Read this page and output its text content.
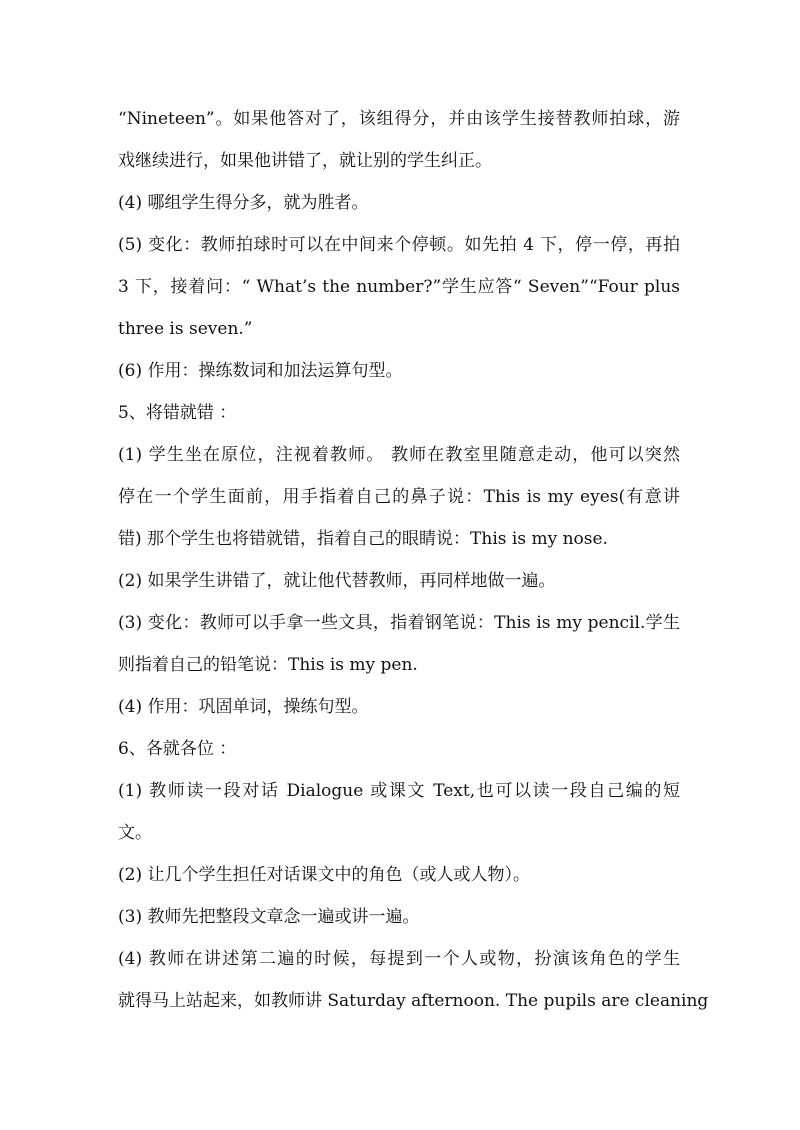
“Nineteen”。如果他答对了，该组得分，并由该学生接替教师拍球，游
戏继续进行，如果他讲错了，就让别的学生纠正。
(4) 哪组学生得分多，就为胜者。
(5) 变化：教师拍球时可以在中间来个停顿。如先拍 4 下，停一停，再拍
3 下，接着问：“ What’s the number?”学生应答“ Seven”“Four plus
three is seven.”
(6) 作用：操练数词和加法运算句型。
5、将错就错 ：
(1) 学生坐在原位，注视着教师。 教师在教室里随意走动，他可以突然
停在一个学生面前，用手指着自己的鼻子说：This is my eyes(有意讲
错) 那个学生也将错就错，指着自己的眼睛说：This is my nose.
(2) 如果学生讲错了，就让他代替教师，再同样地做一遍。
(3) 变化：教师可以手拿一些文具，指着钢笔说：This is my pencil.学生
则指着自己的铅笔说：This is my pen.
(4) 作用：巩固单词，操练句型。
6、各就各位 ：
(1) 教师读一段对话 Dialogue 或课文 Text,也可以读一段自己编的短
文。
(2) 让几个学生担任对话课文中的角色（或人或人物）。
(3) 教师先把整段文章念一遍或讲一遍。
(4) 教师在讲述第二遍的时候，每提到一个人或物，扮演该角色的学生
就得马上站起来，如教师讲 Saturday afternoon. The pupils are cleaning
